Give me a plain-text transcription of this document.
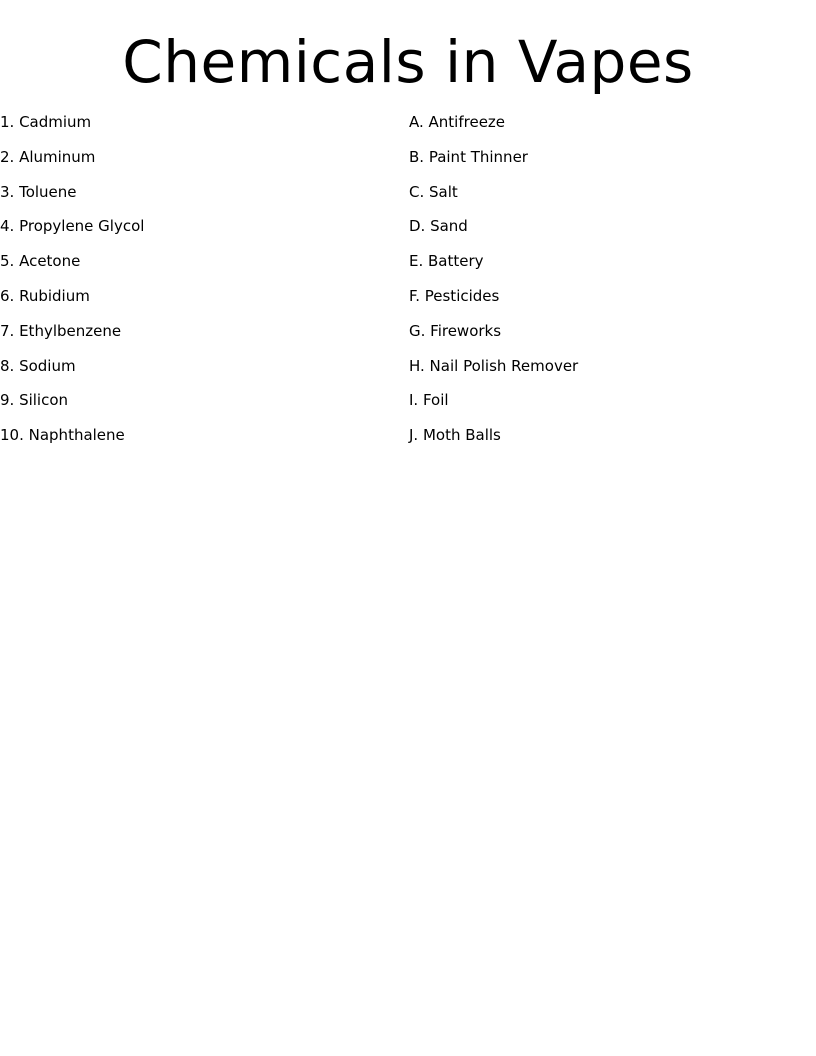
Chemicals in Vapes
1. Cadmium
2. Aluminum
3. Toluene
4. Propylene Glycol
5. Acetone
6. Rubidium
7. Ethylbenzene
8. Sodium
9. Silicon
10. Naphthalene
A. Antifreeze
B. Paint Thinner
C. Salt
D. Sand
E. Battery
F. Pesticides
G. Fireworks
H. Nail Polish Remover
I. Foil
J. Moth Balls
